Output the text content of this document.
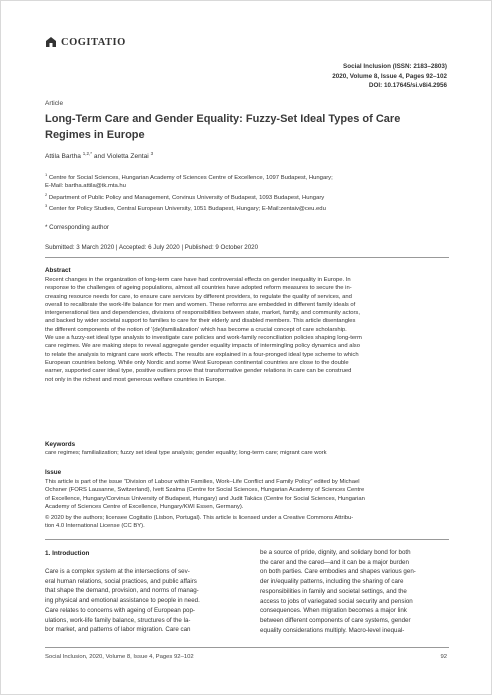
COGITATIO
Social Inclusion (ISSN: 2183–2803)
2020, Volume 8, Issue 4, Pages 92–102
DOI: 10.17645/si.v8i4.2956
Article
Long-Term Care and Gender Equality: Fuzzy-Set Ideal Types of Care
Regimes in Europe
Attila Bartha $^{1,2,*}$ and Violetta Zentai $^3$
$^1$ Centre for Social Sciences, Hungarian Academy of Sciences Centre of Excellence, 1097 Budapest, Hungary;
E-Mail: bartha.attila@tk.mta.hu
$^2$ Department of Public Policy and Management, Corvinus University of Budapest, 1093 Budapest, Hungary
$^3$ Center for Policy Studies, Central European University, 1051 Budapest, Hungary; E-Mail:zentaiv@ceu.edu
* Corresponding author
Submitted: 3 March 2020 | Accepted: 6 July 2020 | Published: 9 October 2020
Abstract
Recent changes in the organization of long-term care have had controversial effects on gender inequality in Europe. In
response to the challenges of ageing populations, almost all countries have adopted reform measures to secure the in-
creasing resource needs for care, to ensure care services by different providers, to regulate the quality of services, and
overall to recalibrate the work-life balance for men and women. These reforms are embedded in different family ideals of
intergenerational ties and dependencies, divisions of responsibilities between state, market, family, and community actors,
and backed by wider societal support to families to care for their elderly and disabled members. This article disentangles
the different components of the notion of ‘(de)familialization’ which has become a crucial concept of care scholarship.
We use a fuzzy-set ideal type analysis to investigate care policies and work-family reconciliation policies shaping long-term
care regimes. We are making steps to reveal aggregate gender equality impacts of intermingling policy dynamics and also
to relate the analysis to migrant care work effects. The results are explained in a four-pronged ideal type scheme to which
European countries belong. While only Nordic and some West European continental countries are close to the double
earner, supported carer ideal type, positive outliers prove that transformative gender relations in care can be construed
not only in the richest and most generous welfare countries in Europe.
Keywords
care regimes; familialization; fuzzy set ideal type analysis; gender equality; long-term care; migrant care work
Issue
This article is part of the issue “Division of Labour within Families, Work–Life Conflict and Family Policy” edited by Michael
Ochsner (FORS Lausanne, Switzerland), Ivett Szalma (Centre for Social Sciences, Hungarian Academy of Sciences Centre
of Excellence, Hungary/Corvinus University of Budapest, Hungary) and Judit Takács (Centre for Social Sciences, Hungarian
Academy of Sciences Centre of Excellence, Hungary/KWI Essen, Germany).
© 2020 by the authors; licensee Cogitatio (Lisbon, Portugal). This article is licensed under a Creative Commons Attribu-
tion 4.0 International License (CC BY).
1. Introduction
Care is a complex system at the intersections of sev-
eral human relations, social practices, and public affairs
that shape the demand, provision, and norms of manag-
ing physical and emotional assistance to people in need.
Care relates to concerns with ageing of European pop-
ulations, work-life family balance, structures of the la-
bor market, and patterns of labor migration. Care can
be a source of pride, dignity, and solidary bond for both
the carer and the cared—and it can be a major burden
on both parties. Care embodies and shapes various gen-
der in/equality patterns, including the sharing of care
responsibilities in family and societal settings, and the
access to jobs of variegated social security and pension
consequences. When migration becomes a major link
between different components of care systems, gender
equality considerations multiply. Macro-level inequal-
Social Inclusion, 2020, Volume 8, Issue 4, Pages 92–102	92
